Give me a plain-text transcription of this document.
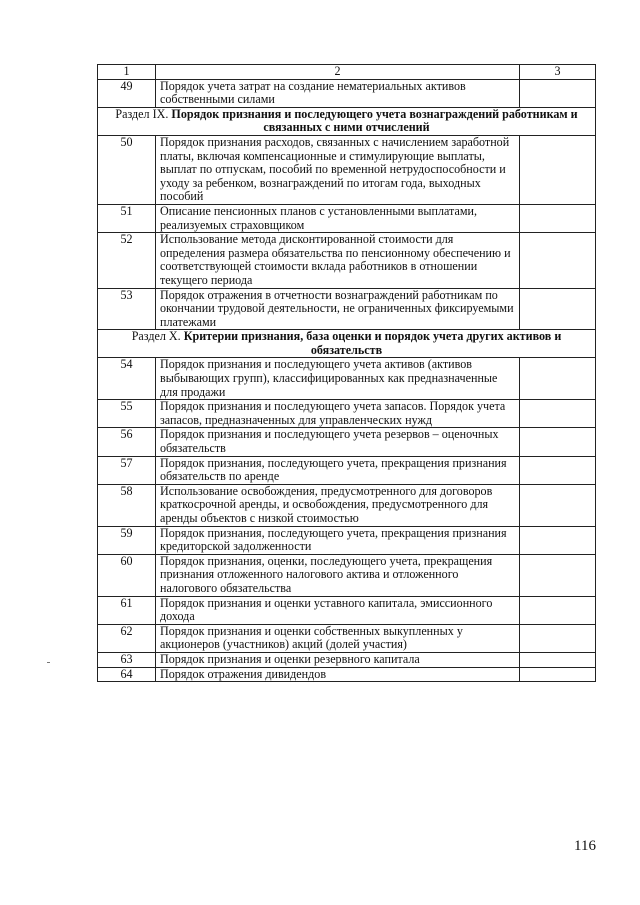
1	2	3
49	Порядок учета затрат на создание нематериальных активов собственными силами	
Раздел IX. Порядок признания и последующего учета вознаграждений работникам и связанных с ними отчислений		
50	Порядок признания расходов, связанных с начислением заработной платы, включая компенсационные и стимулирующие выплаты, выплат по отпускам, пособий по временной нетрудоспособности и уходу за ребенком, вознаграждений по итогам года, выходных пособий	
51	Описание пенсионных планов с установленными выплатами, реализуемых страховщиком	
52	Использование метода дисконтированной стоимости для определения размера обязательства по пенсионному обеспечению и соответствующей стоимости вклада работников в отношении текущего периода	
53	Порядок отражения в отчетности вознаграждений работникам по окончании трудовой деятельности, не ограниченных фиксируемыми платежами	
Раздел X. Критерии признания, база оценки и порядок учета других активов и обязательств		
54	Порядок признания и последующего учета активов (активов выбывающих групп), классифицированных как предназначенные для продажи	
55	Порядок признания и последующего учета запасов. Порядок учета запасов, предназначенных для управленческих нужд	
56	Порядок признания и последующего учета резервов – оценочных обязательств	
57	Порядок признания, последующего учета, прекращения признания обязательств по аренде	
58	Использование освобождения, предусмотренного для договоров краткосрочной аренды, и освобождения, предусмотренного для аренды объектов с низкой стоимостью	
59	Порядок признания, последующего учета, прекращения признания кредиторской задолженности	
60	Порядок признания, оценки, последующего учета, прекращения признания отложенного налогового актива и отложенного налогового обязательства	
61	Порядок признания и оценки уставного капитала, эмиссионного дохода	
62	Порядок признания и оценки собственных выкупленных у акционеров (участников) акций (долей участия)	
63	Порядок признания и оценки резервного капитала	
64	Порядок отражения дивидендов	
116
